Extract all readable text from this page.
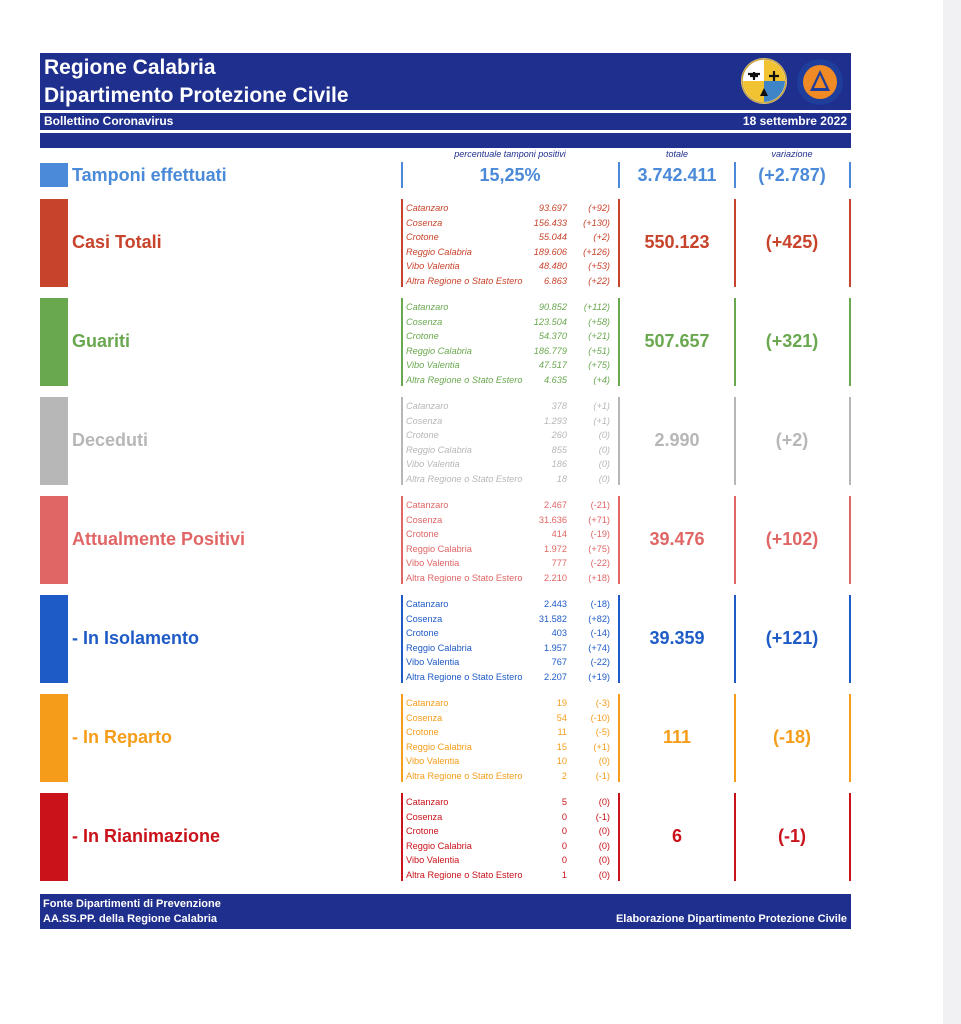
Regione Calabria
Dipartimento Protezione Civile
Bollettino Coronavirus	18 settembre 2022
percentuale tamponi positivi	totale	variazione
Tamponi effettuati	15,25%	3.742.411	(+2.787)
Casi Totali
Catanzaro	93.697 (+92)
Cosenza	156.433 (+130)
Crotone	55.044	(+2)
Reggio Calabria	189.606 (+126)
Vibo Valentia	48.480 (+53)
Altra Regione o Stato Estero 6.863 (+22)
550.123	(+425)
Guariti
Catanzaro	90.852 (+112)
Cosenza	123.504 (+58)
Crotone	54.370 (+21)
Reggio Calabria	186.779 (+51)
Vibo Valentia	47.517 (+75)
Altra Regione o Stato Estero 4.635	(+4)
507.657	(+321)
Deceduti
Catanzaro	378	(+1)
Cosenza	1.293	(+1)
Crotone	260	(0)
Reggio Calabria	855	(0)
Vibo Valentia	186	(0)
Altra Regione o Stato Estero	18	(0)
2.990	(+2)
Attualmente Positivi
Catanzaro	2.467	(-21)
Cosenza	31.636 (+71)
Crotone	414	(-19)
Reggio Calabria	1.972 (+75)
Vibo Valentia	777	(-22)
Altra Regione o Stato Estero 2.210 (+18)
39.476	(+102)
- In Isolamento
Catanzaro	2.443	(-18)
Cosenza	31.582 (+82)
Crotone	403	(-14)
Reggio Calabria	1.957 (+74)
Vibo Valentia	767	(-22)
Altra Regione o Stato Estero 2.207 (+19)
39.359	(+121)
- In Reparto
Catanzaro	19	(-3)
Cosenza	54	(-10)
Crotone	11	(-5)
Reggio Calabria	15	(+1)
Vibo Valentia	10	(0)
Altra Regione o Stato Estero	2	(-1)
111	(-18)
- In Rianimazione
Catanzaro	5	(0)
Cosenza	0	(-1)
Crotone	0	(0)
Reggio Calabria	0	(0)
Vibo Valentia	0	(0)
Altra Regione o Stato Estero	1	(0)
6	(-1)
Fonte Dipartimenti di Prevenzione
AA.SS.PP. della Regione Calabria	Elaborazione Dipartimento Protezione Civile
